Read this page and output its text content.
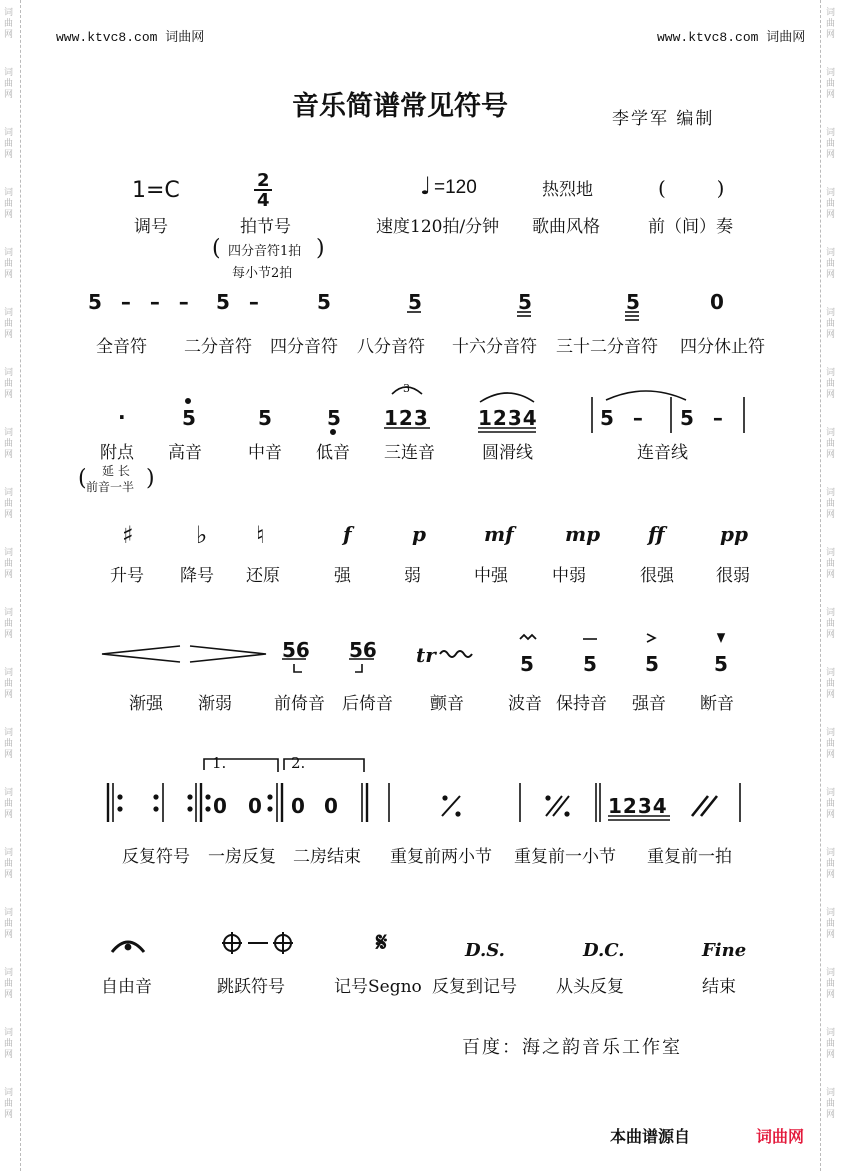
词曲网
词曲网
词曲网
词曲网
词曲网
词曲网
词曲网
词曲网
词曲网
词曲网
词曲网
词曲网
词曲网
词曲网
词曲网
词曲网
词曲网
词曲网
词曲网
词曲网
词曲网
词曲网
词曲网
词曲网
词曲网
词曲网
词曲网
词曲网
词曲网
词曲网
词曲网
词曲网
词曲网
词曲网
词曲网
词曲网
词曲网
词曲网
www.ktvc8.com 词曲网	www.ktvc8.com 词曲网
音乐简谱常见符号	李学军 编制
1=C	2
4
♩ =120	热烈地	(        )
调号	拍节号	速度120拍/分钟 歌曲风格	前（间）奏
( 四分音符1拍
每小节2拍
)
5 – – – 5 –	5	5	5	5	0
全音符 二分音符 四分音符 八分音符 十六分音符 三十二分音符 四分休止符
.	5	5	5
3
123 1234	5 – 5 –
附点 高音	中音 低音 三连音	圆滑线	连音线
( 延 长
前音一半 )
♯	♭ ♮	f	p	mf	mp ff	pp
升号 降号 还原	强	弱	中强	中弱	很强 很弱
56 56 tr	5 5 5	5
渐强 渐弱 前倚音 后倚音 颤音	波音 保持音 强音 断音
1.	2.
0 0 0 0	1234
反复符号 一房反复 二房结束 重复前两小节 重复前一小节 重复前一拍
𝄋	D.S.	D.C.	Fine
自由音	跳跃符号	记号Segno 反复到记号 从头反复	结束
百度：海之韵音乐工作室
本曲谱源自	词曲网
